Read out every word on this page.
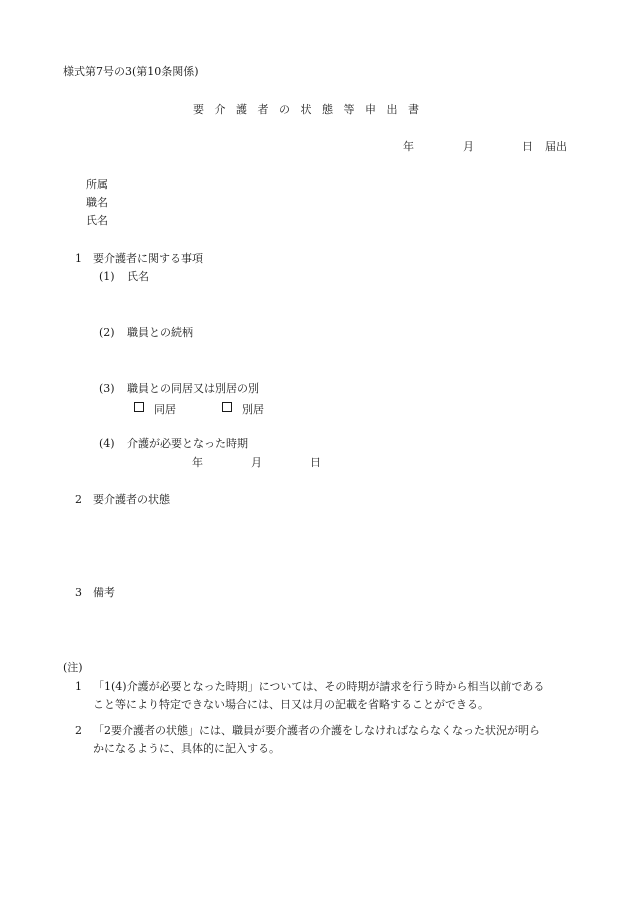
様式第7号の3(第10条関係)
要介護者の状態等申出書
年	月	日 届出
所属
職名
氏名
1 要介護者に関する事項
(1) 氏名
(2) 職員との続柄
(3) 職員との同居又は別居の別
同居	別居
(4) 介護が必要となった時期
年	月	日
2 要介護者の状態
3 備考
(注)
1 「1(4)介護が必要となった時期」については、その時期が請求を行う時から相当以前である
こと等により特定できない場合には、日又は月の記載を省略することができる。
2 「2要介護者の状態」には、職員が要介護者の介護をしなければならなくなった状況が明ら
かになるように、具体的に記入する。
